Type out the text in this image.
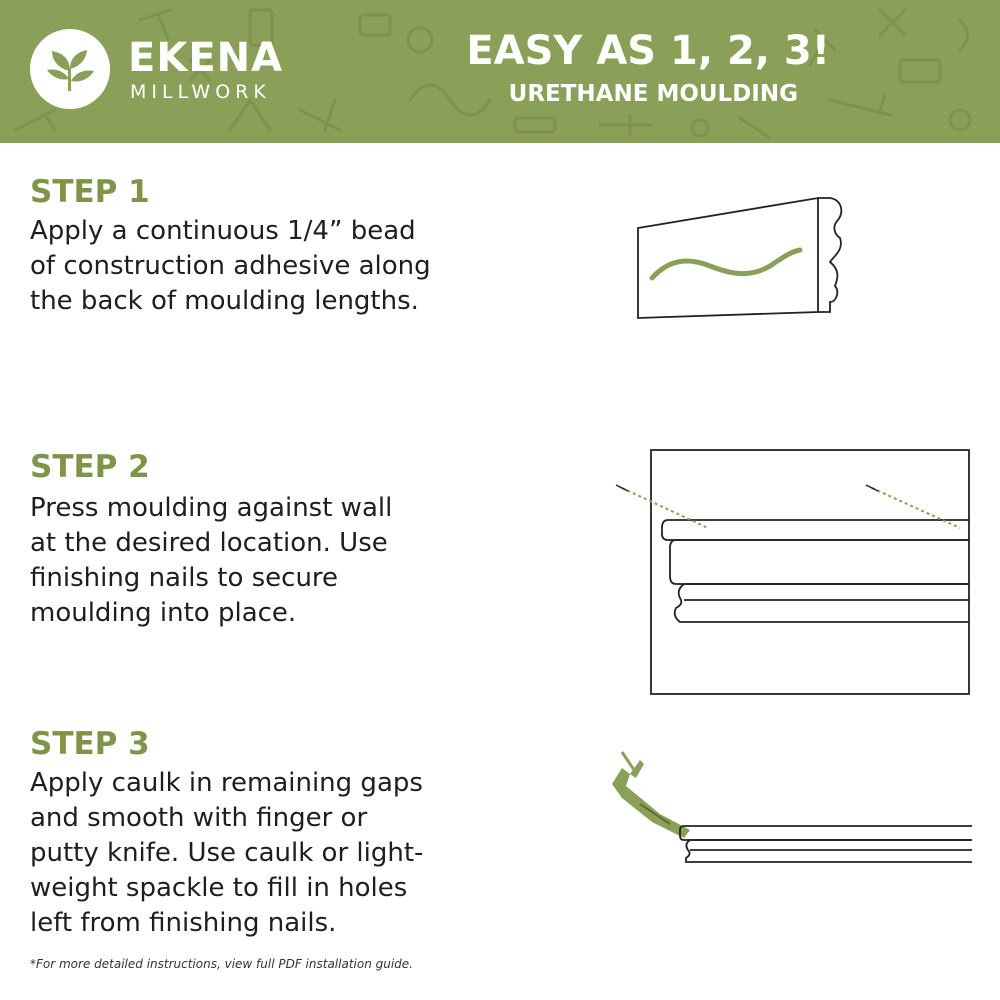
EKENA
MILLWORK
EASY AS 1, 2, 3!
URETHANE MOULDING
STEP 1
Apply a continuous 1/4” bead
of construction adhesive along
the back of moulding lengths.
STEP 2
Press moulding against wall
at the desired location. Use
finishing nails to secure
moulding into place.
STEP 3
Apply caulk in remaining gaps
and smooth with finger or
putty knife. Use caulk or light-
weight spackle to fill in holes
left from finishing nails.
*For more detailed instructions, view full PDF installation guide.
